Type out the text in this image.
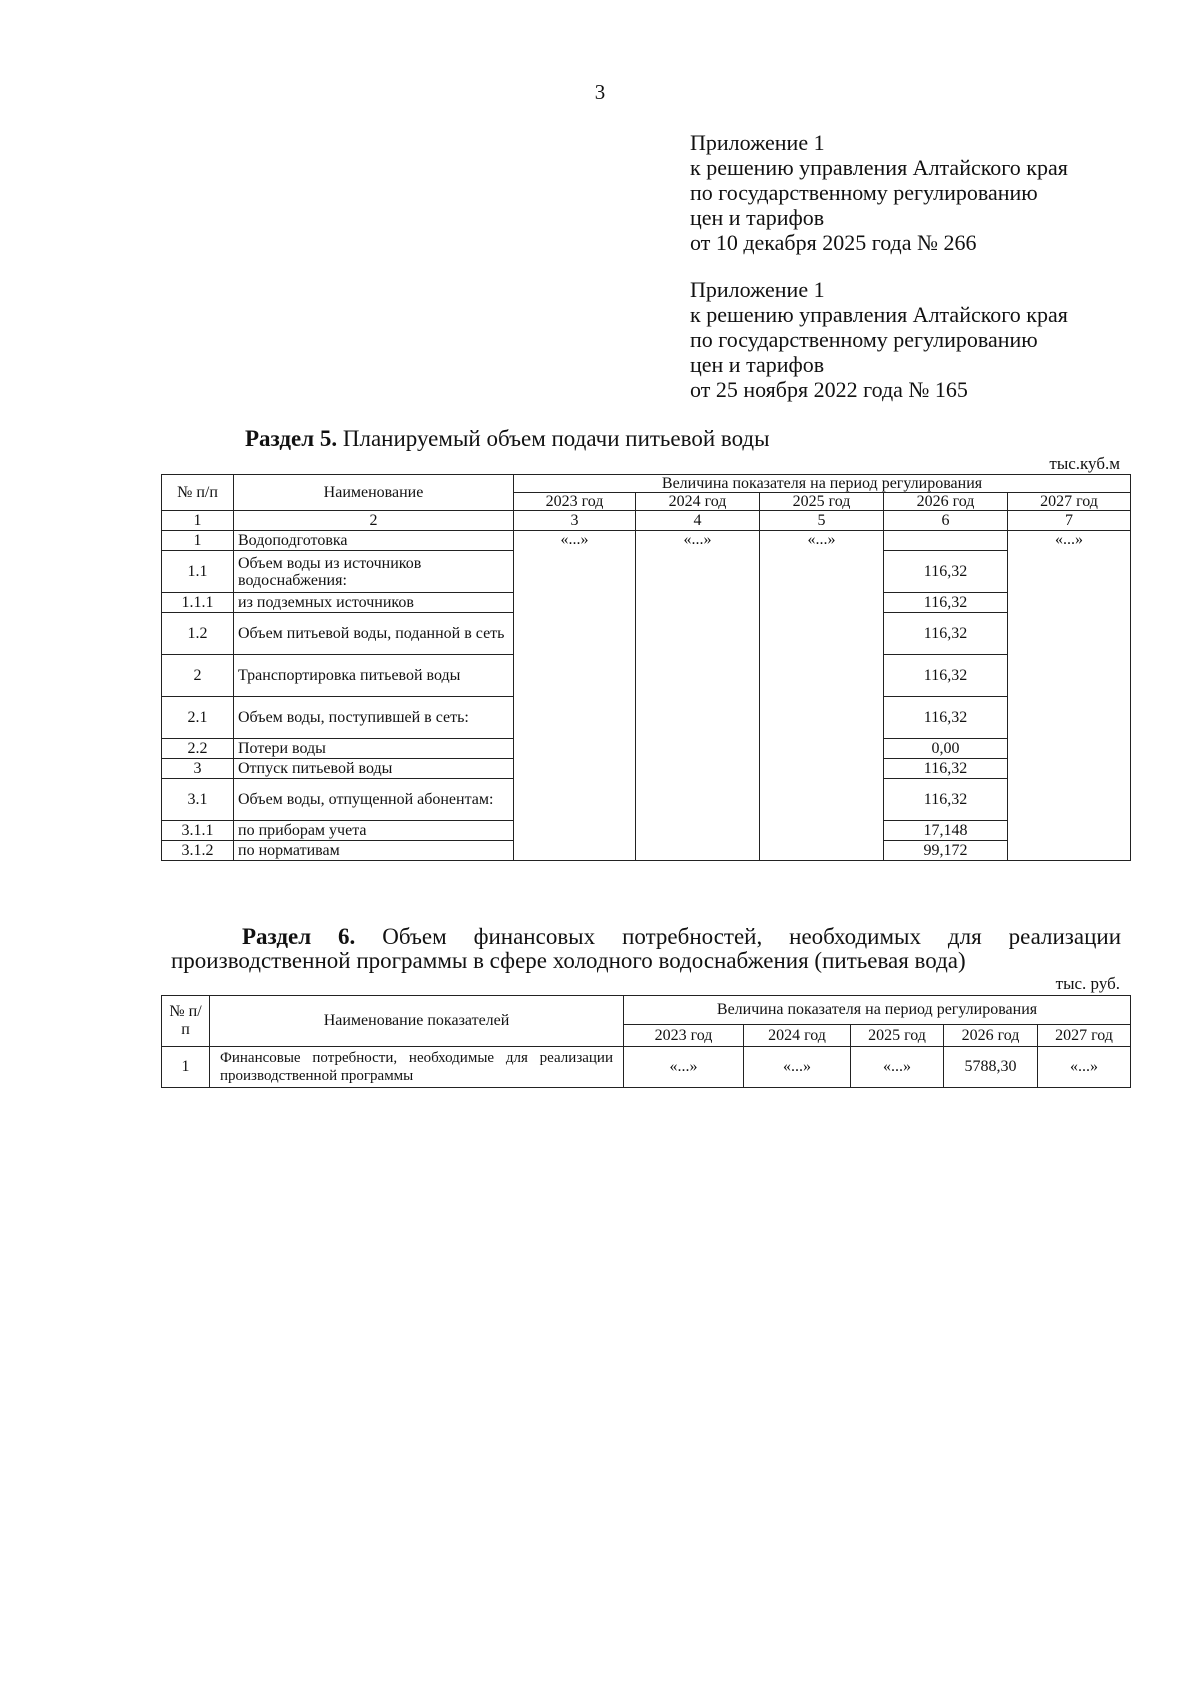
3
Приложение 1
к решению управления Алтайского края
по государственному регулированию
цен и тарифов
от 10 декабря 2025 года № 266
Приложение 1
к решению управления Алтайского края
по государственному регулированию
цен и тарифов
от 25 ноября 2022 года № 165
Раздел 5. Планируемый объем подачи питьевой воды
тыс.куб.м
№ п/п	Наименование	Величина показателя на период регулирования				
		2023 год	2024 год	2025 год	2026 год	2027 год
1	2	3	4	5	6	7
1	Водоподготовка	«...»	«...»	«...»		«...»
1.1	Объем воды из источников водоснабжения:				116,32	
1.1.1	из подземных источников				116,32	
1.2	Объем питьевой воды, поданной в сеть				116,32	
2	Транспортировка питьевой воды				116,32	
2.1	Объем воды, поступившей в сеть:				116,32	
2.2	Потери воды				0,00	
3	Отпуск питьевой воды				116,32	
3.1	Объем воды, отпущенной абонентам:				116,32	
3.1.1	по приборам учета				17,148	
3.1.2	по нормативам				99,172	
Раздел 6. Объем финансовых потребностей, необходимых для реализации производственной программы в сфере холодного водоснабжения (питьевая вода)
тыс. руб.
№ п/п	Наименование показателей	Величина показателя на период регулирования				
		2023 год	2024 год	2025 год	2026 год	2027 год
1	Финансовые потребности, необходимые для реализации производственной программы	«...»	«...»	«...»	5788,30	«...»
